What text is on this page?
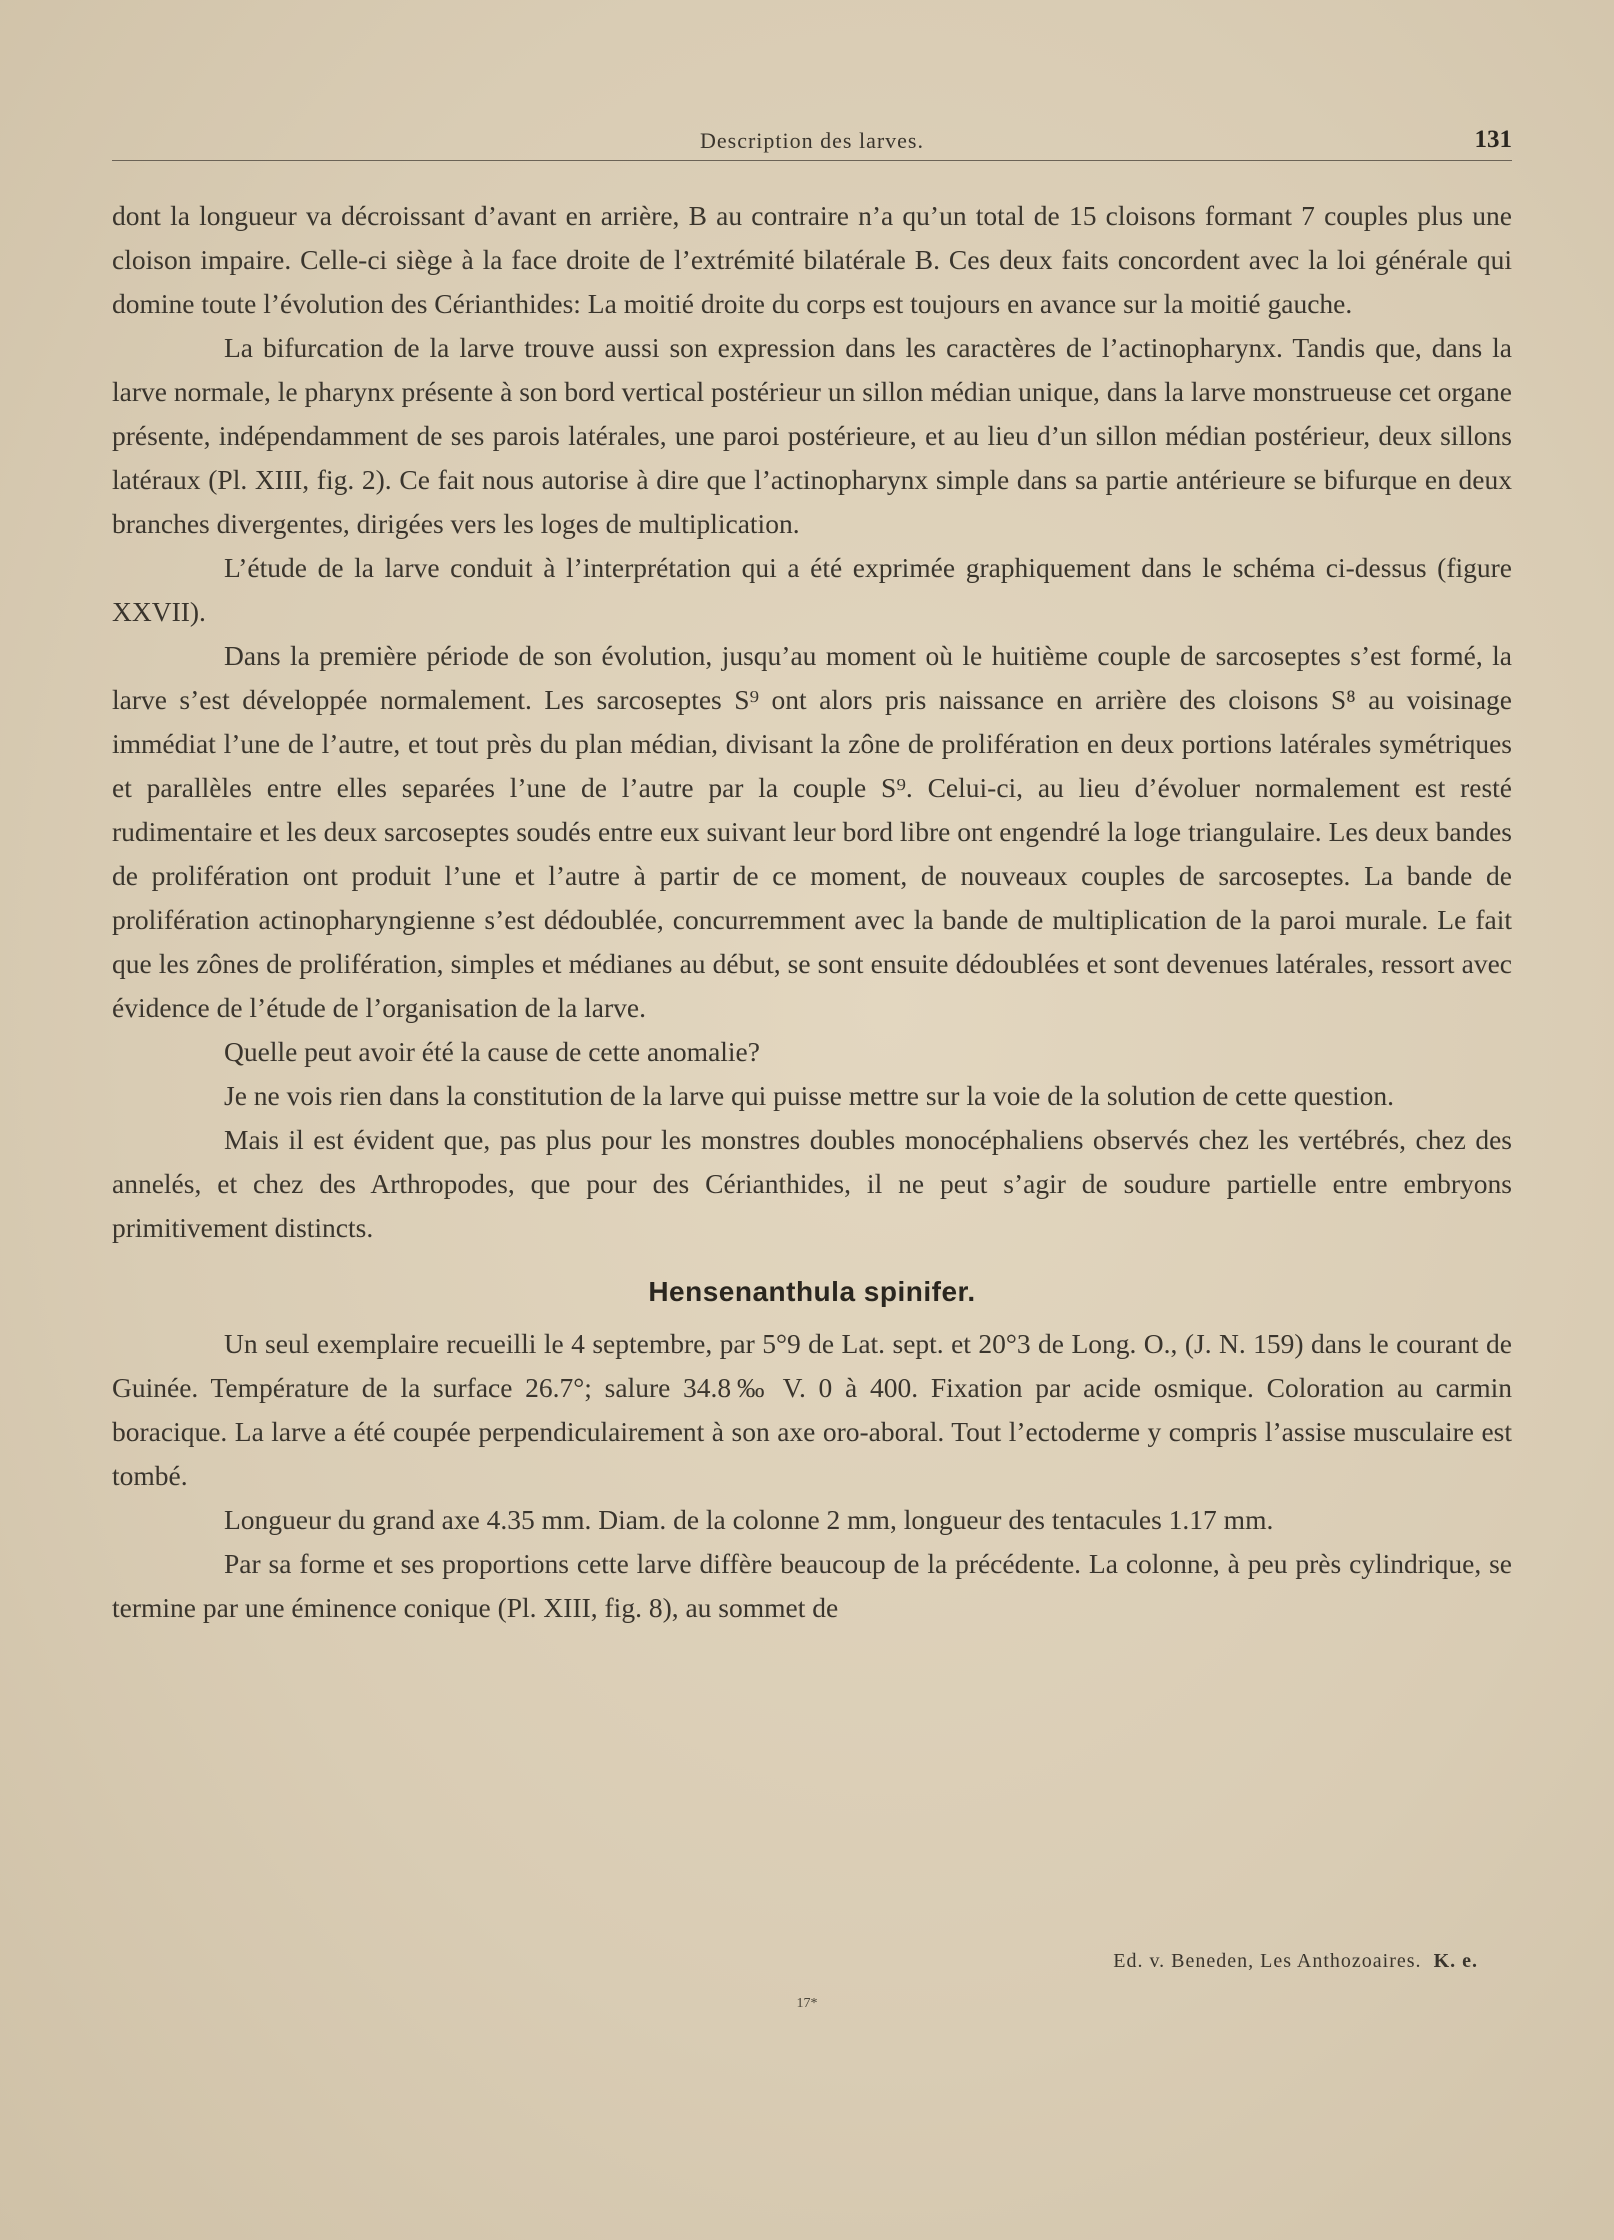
Description des larves.	131

dont la longueur va décroissant d’avant en arrière, B au contraire n’a qu’un total de 15 cloisons formant 7 couples plus une cloison impaire. Celle-ci siège à la face droite de l’extrémité bilatérale B. Ces deux faits concordent avec la loi générale qui domine toute l’évolution des Cérianthides: La moitié droite du corps est toujours en avance sur la moitié gauche.

La bifurcation de la larve trouve aussi son expression dans les caractères de l’actinopharynx. Tandis que, dans la larve normale, le pharynx présente à son bord vertical postérieur un sillon médian unique, dans la larve monstrueuse cet organe présente, indépendamment de ses parois latérales, une paroi postérieure, et au lieu d’un sillon médian postérieur, deux sillons latéraux (Pl. XIII, fig. 2). Ce fait nous autorise à dire que l’actinopharynx simple dans sa partie antérieure se bifurque en deux branches divergentes, dirigées vers les loges de multiplication.

L’étude de la larve conduit à l’interprétation qui a été exprimée graphiquement dans le schéma ci-dessus (figure XXVII).

Dans la première période de son évolution, jusqu’au moment où le huitième couple de sarcoseptes s’est formé, la larve s’est développée normalement. Les sarcoseptes S⁹ ont alors pris naissance en arrière des cloisons S⁸ au voisinage immédiat l’une de l’autre, et tout près du plan médian, divisant la zône de prolifération en deux portions latérales symétriques et parallèles entre elles separées l’une de l’autre par la couple S⁹. Celui-ci, au lieu d’évoluer normalement est resté rudimentaire et les deux sarcoseptes soudés entre eux suivant leur bord libre ont engendré la loge triangulaire. Les deux bandes de prolifération ont produit l’une et l’autre à partir de ce moment, de nouveaux couples de sarcoseptes. La bande de prolifération actinopharyngienne s’est dédoublée, concurremment avec la bande de multiplication de la paroi murale. Le fait que les zônes de prolifération, simples et médianes au début, se sont ensuite dédoublées et sont devenues latérales, ressort avec évidence de l’étude de l’organisation de la larve.

Quelle peut avoir été la cause de cette anomalie?

Je ne vois rien dans la constitution de la larve qui puisse mettre sur la voie de la solution de cette question.

Mais il est évident que, pas plus pour les monstres doubles monocéphaliens observés chez les vertébrés, chez des annelés, et chez des Arthropodes, que pour des Cérianthides, il ne peut s’agir de soudure partielle entre embryons primitivement distincts.

Hensenanthula spinifer.

Un seul exemplaire recueilli le 4 septembre, par 5°9 de Lat. sept. et 20°3 de Long. O., (J. N. 159) dans le courant de Guinée. Température de la surface 26.7°; salure 34.8‰ V. 0 à 400. Fixation par acide osmique. Coloration au carmin boracique. La larve a été coupée perpendiculairement à son axe oro-aboral. Tout l’ectoderme y compris l’assise musculaire est tombé.

Longueur du grand axe 4.35 mm. Diam. de la colonne 2 mm, longueur des tentacules 1.17 mm.

Par sa forme et ses proportions cette larve diffère beaucoup de la précédente. La colonne, à peu près cylindrique, se termine par une éminence conique (Pl. XIII, fig. 8), au sommet de

Ed. v. Beneden, Les Anthozoaires. K. e.
17*
